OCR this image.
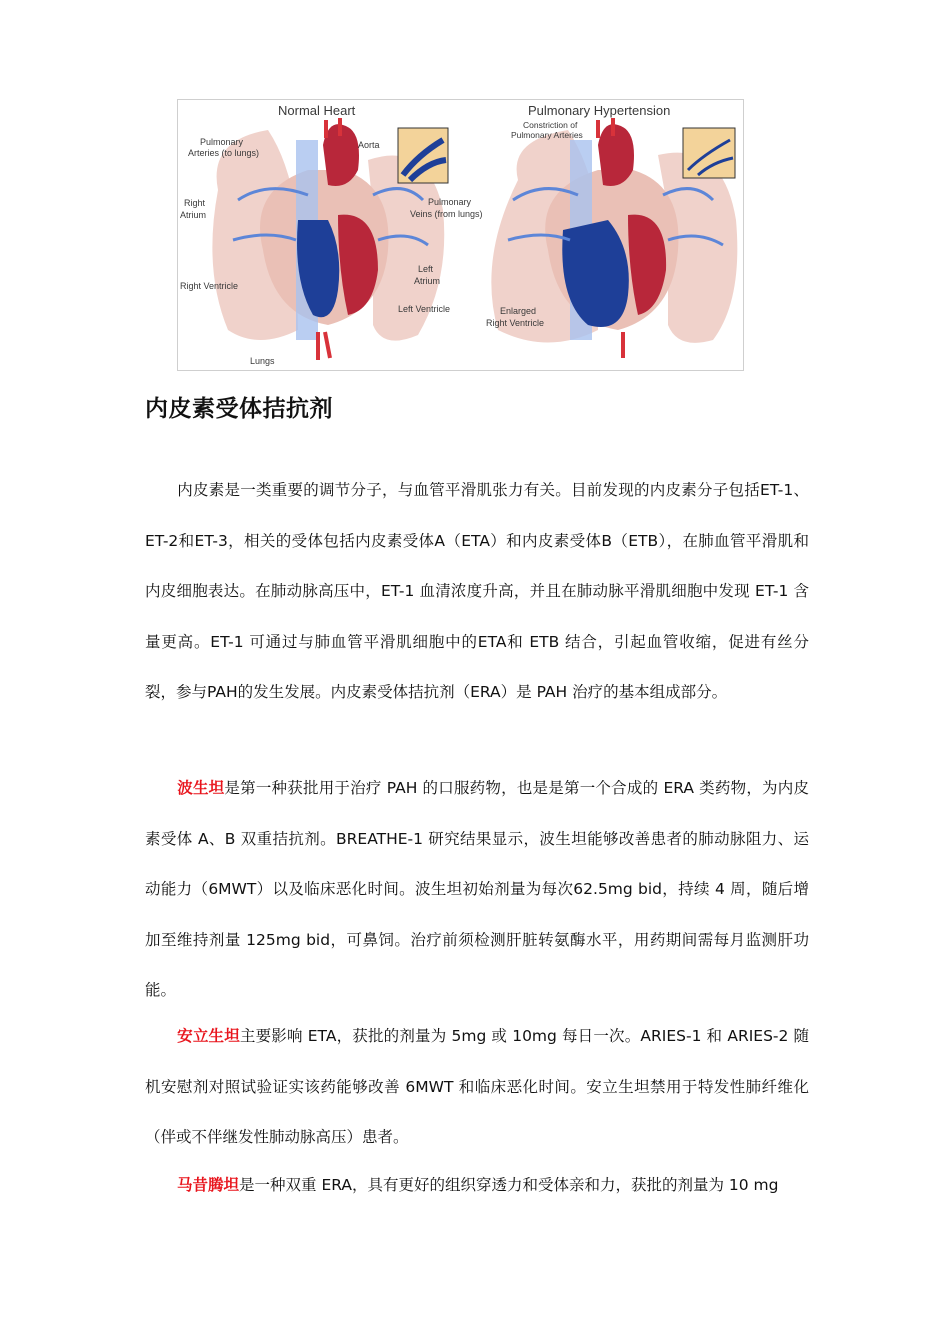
Normal Heart
Pulmonary
Arteries (to lungs)
Aorta
Right
Atrium
Pulmonary
Veins (from lungs)
Left
Atrium
Right Ventricle
Left Ventricle
Lungs
Pulmonary Hypertension
Constriction of
Pulmonary Arteries
Enlarged
Right Ventricle
内皮素受体拮抗剂

内皮素是一类重要的调节分子，与血管平滑肌张力有关。目前发现的内皮素分子包括ET-1、ET-2和ET-3，相关的受体包括内皮素受体A（ETA）和内皮素受体B（ETB），在肺血管平滑肌和内皮细胞表达。在肺动脉高压中，ET-1 血清浓度升高，并且在肺动脉平滑肌细胞中发现 ET-1 含量更高。ET-1 可通过与肺血管平滑肌细胞中的ETA和 ETB 结合，引起血管收缩，促进有丝分裂，参与PAH的发生发展。内皮素受体拮抗剂（ERA）是 PAH 治疗的基本组成部分。

波生坦是第一种获批用于治疗 PAH 的口服药物，也是是第一个合成的 ERA 类药物，为内皮素受体 A、B 双重拮抗剂。BREATHE-1 研究结果显示，波生坦能够改善患者的肺动脉阻力、运动能力（6MWT）以及临床恶化时间。波生坦初始剂量为每次62.5mg bid，持续 4 周，随后增加至维持剂量 125mg bid，可鼻饲。治疗前须检测肝脏转氨酶水平，用药期间需每月监测肝功能。

安立生坦主要影响 ETA，获批的剂量为 5mg 或 10mg 每日一次。ARIES-1 和 ARIES-2 随机安慰剂对照试验证实该药能够改善 6MWT 和临床恶化时间。安立生坦禁用于特发性肺纤维化（伴或不伴继发性肺动脉高压）患者。

马昔腾坦是一种双重 ERA，具有更好的组织穿透力和受体亲和力，获批的剂量为 10 mg
